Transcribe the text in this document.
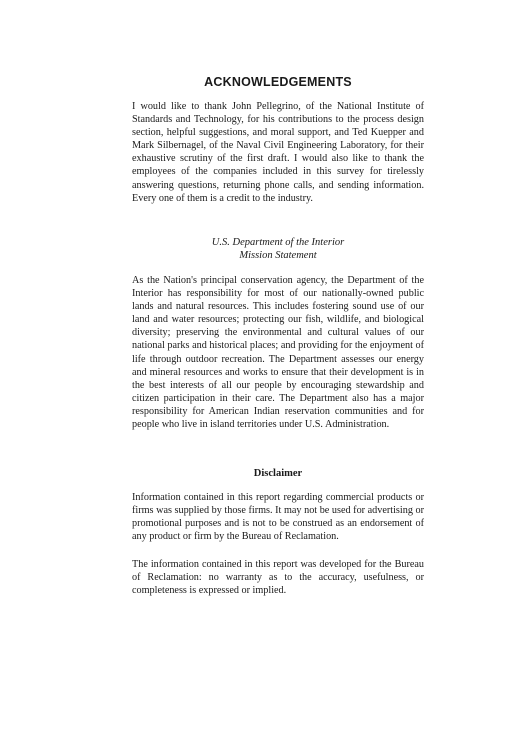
ACKNOWLEDGEMENTS

I would like to thank John Pellegrino, of the National Institute of Standards and Technology, for his contributions to the process design section, helpful suggestions, and moral support, and Ted Kuepper and Mark Silbernagel, of the Naval Civil Engineering Laboratory, for their exhaustive scrutiny of the first draft. I would also like to thank the employees of the companies included in this survey for tirelessly answering questions, returning phone calls, and sending information. Every one of them is a credit to the industry.

U.S. Department of the Interior
Mission Statement

As the Nation's principal conservation agency, the Department of the Interior has responsibility for most of our nationally-owned public lands and natural resources. This includes fostering sound use of our land and water resources; protecting our fish, wildlife, and biological diversity; preserving the environmental and cultural values of our national parks and historical places; and providing for the enjoyment of life through outdoor recreation. The Department assesses our energy and mineral resources and works to ensure that their development is in the best interests of all our people by encouraging stewardship and citizen participation in their care. The Department also has a major responsibility for American Indian reservation communities and for people who live in island territories under U.S. Administration.

Disclaimer

Information contained in this report regarding commercial products or firms was supplied by those firms. It may not be used for advertising or promotional purposes and is not to be construed as an endorsement of any product or firm by the Bureau of Reclamation.

The information contained in this report was developed for the Bureau of Reclamation: no warranty as to the accuracy, usefulness, or completeness is expressed or implied.
